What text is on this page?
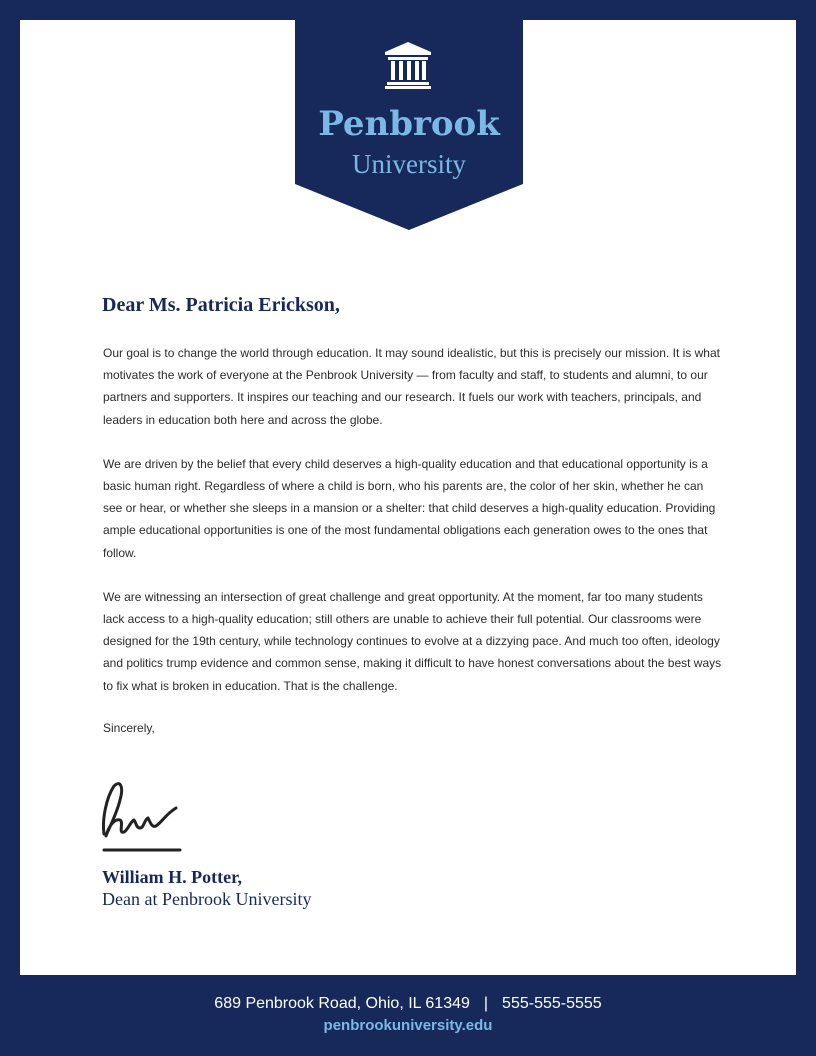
Penbrook
University
Dear Ms. Patricia Erickson,

Our goal is to change the world through education. It may sound idealistic, but this is precisely our mission. It is what motivates the work of everyone at the Penbrook University — from faculty and staff, to students and alumni, to our partners and supporters. It inspires our teaching and our research. It fuels our work with teachers, principals, and leaders in education both here and across the globe.

We are driven by the belief that every child deserves a high-quality education and that educational opportunity is a basic human right. Regardless of where a child is born, who his parents are, the color of her skin, whether he can see or hear, or whether she sleeps in a mansion or a shelter: that child deserves a high-quality education. Providing ample educational opportunities is one of the most fundamental obligations each generation owes to the ones that follow.

We are witnessing an intersection of great challenge and great opportunity. At the moment, far too many students lack access to a high-quality education; still others are unable to achieve their full potential. Our classrooms were designed for the 19th century, while technology continues to evolve at a dizzying pace. And much too often, ideology and politics trump evidence and common sense, making it difficult to have honest conversations about the best ways to fix what is broken in education. That is the challenge.

Sincerely,
William H. Potter,
Dean at Penbrook University
689 Penbrook Road, Ohio, IL 61349 | 555-555-5555
penbrookuniversity.edu
